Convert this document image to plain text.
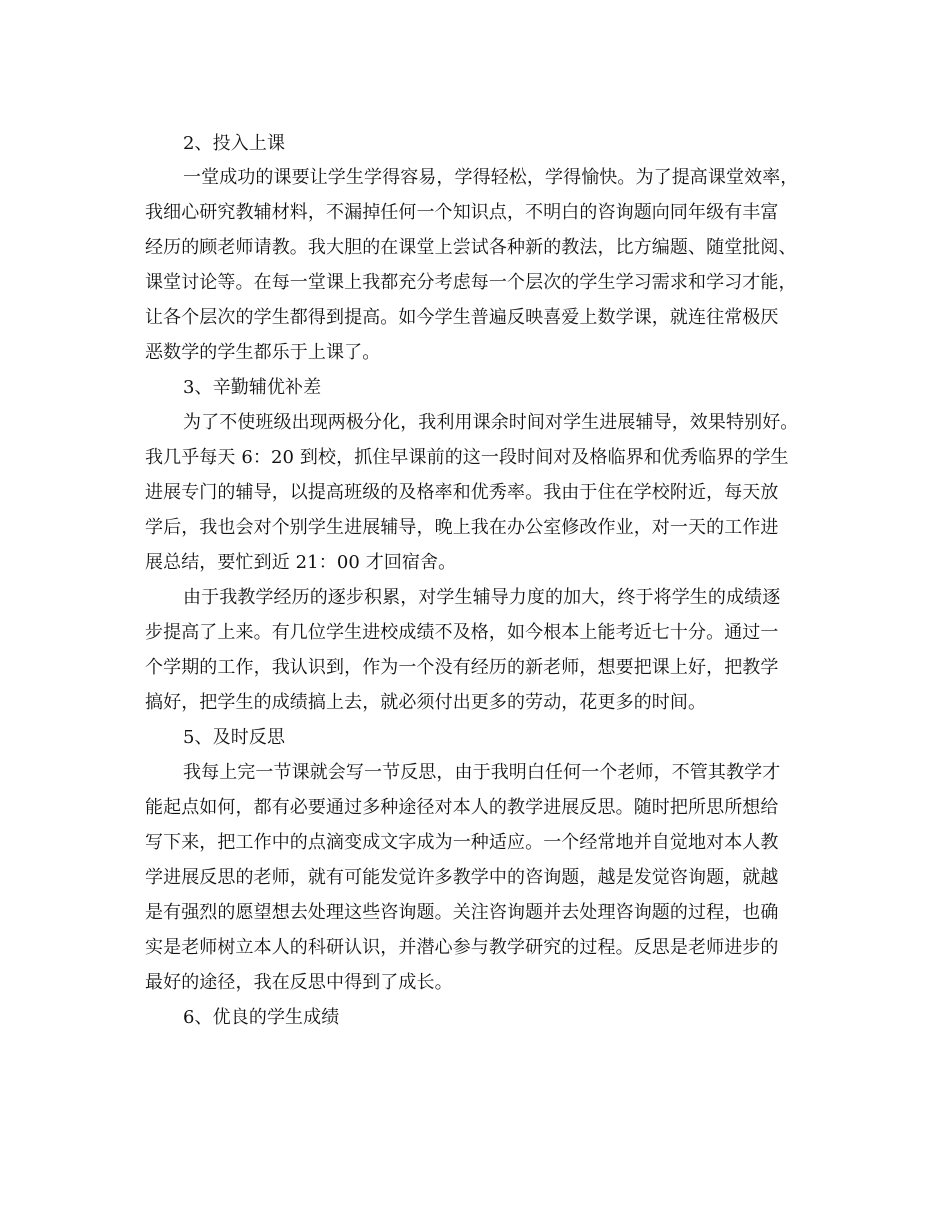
2、投入上课
一堂成功的课要让学生学得容易，学得轻松，学得愉快。为了提高课堂效率，
我细心研究教辅材料，不漏掉任何一个知识点，不明白的咨询题向同年级有丰富
经历的顾老师请教。我大胆的在课堂上尝试各种新的教法，比方编题、随堂批阅、
课堂讨论等。在每一堂课上我都充分考虑每一个层次的学生学习需求和学习才能，
让各个层次的学生都得到提高。如今学生普遍反映喜爱上数学课，就连往常极厌
恶数学的学生都乐于上课了。
3、辛勤辅优补差
为了不使班级出现两极分化，我利用课余时间对学生进展辅导，效果特别好。
我几乎每天 6：20 到校，抓住早课前的这一段时间对及格临界和优秀临界的学生
进展专门的辅导，以提高班级的及格率和优秀率。我由于住在学校附近，每天放
学后，我也会对个别学生进展辅导，晚上我在办公室修改作业，对一天的工作进
展总结，要忙到近 21：00 才回宿舍。
由于我教学经历的逐步积累，对学生辅导力度的加大，终于将学生的成绩逐
步提高了上来。有几位学生进校成绩不及格，如今根本上能考近七十分。通过一
个学期的工作，我认识到，作为一个没有经历的新老师，想要把课上好，把教学
搞好，把学生的成绩搞上去，就必须付出更多的劳动，花更多的时间。
5、及时反思
我每上完一节课就会写一节反思，由于我明白任何一个老师，不管其教学才
能起点如何，都有必要通过多种途径对本人的教学进展反思。随时把所思所想给
写下来，把工作中的点滴变成文字成为一种适应。一个经常地并自觉地对本人教
学进展反思的老师，就有可能发觉许多教学中的咨询题，越是发觉咨询题，就越
是有强烈的愿望想去处理这些咨询题。关注咨询题并去处理咨询题的过程，也确
实是老师树立本人的科研认识，并潜心参与教学研究的过程。反思是老师进步的
最好的途径，我在反思中得到了成长。
6、优良的学生成绩
